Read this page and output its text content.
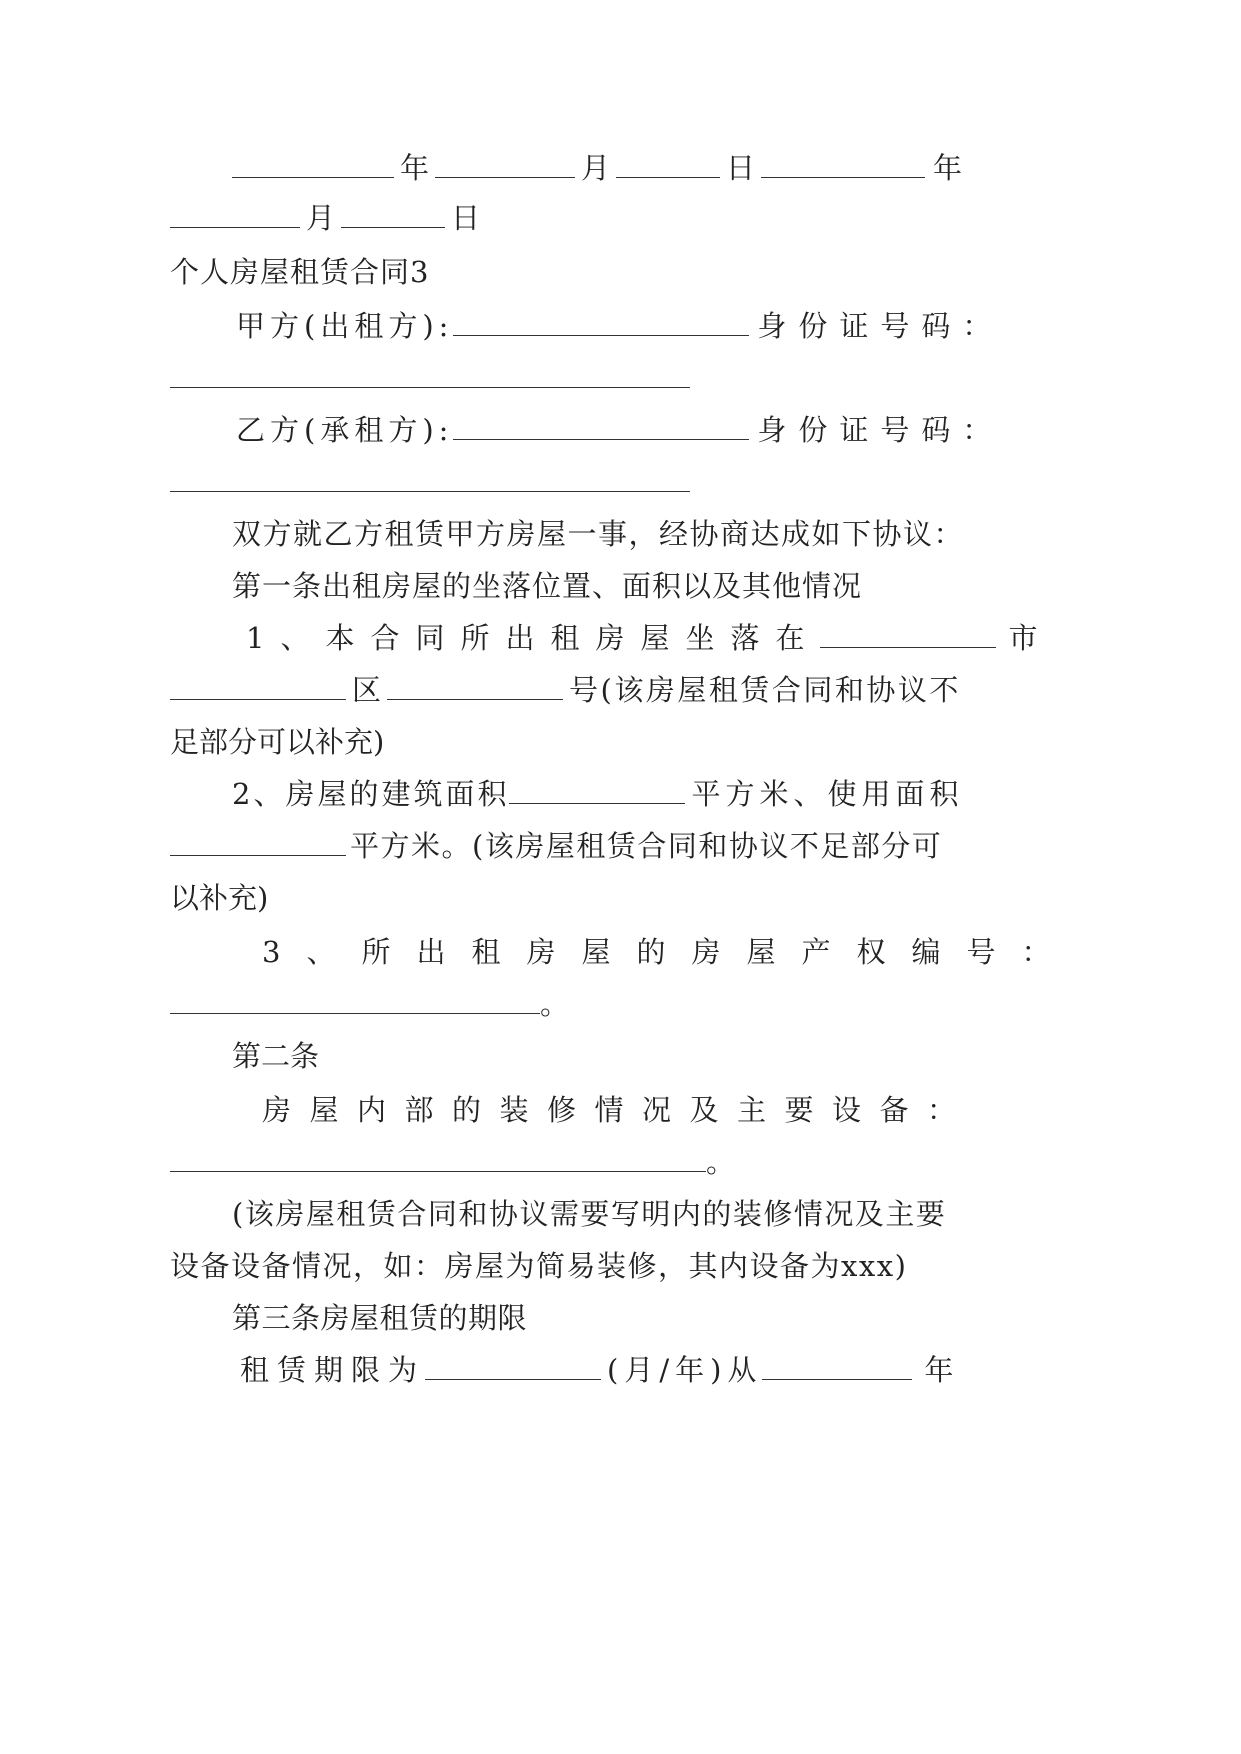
年	月	日	年
月	日
个人房屋租赁合同3
甲方(出租方):	身份证号码：
乙方(承租方):	身份证号码：
双方就乙方租赁甲方房屋一事，经协商达成如下协议：
第一条出租房屋的坐落位置、面积以及其他情况
1、本合同所出租房屋坐落在	市
区	号(该房屋租赁合同和协议不
足部分可以补充)
2、房屋的建筑面积	平方米、使用面积
平方米。(该房屋租赁合同和协议不足部分可
以补充)
3、所出租房屋的房屋产权编号：
。
第二条
房屋内部的装修情况及主要设备：
。
(该房屋租赁合同和协议需要写明内的装修情况及主要
设备设备情况，如：房屋为简易装修，其内设备为xxx)
第三条房屋租赁的期限
租赁期限为	(月/年)从	年
